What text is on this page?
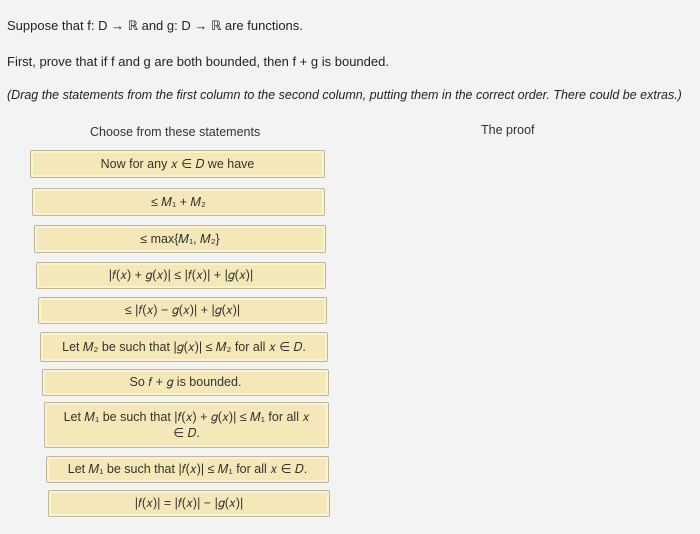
Suppose that f: D → ℝ and g: D → ℝ are functions.
First, prove that if f and g are both bounded, then f + g is bounded.
(Drag the statements from the first column to the second column, putting them in the correct order. There could be extras.)
Choose from these statements	The proof
Now for any 𝑥 ∈ 𝐷 we have
≤ 𝑀₁ + 𝑀₂
≤ max{𝑀₁, 𝑀₂}
|𝑓(𝑥) + 𝑔(𝑥)| ≤ |𝑓(𝑥)| + |𝑔(𝑥)|
≤ |𝑓(𝑥) − 𝑔(𝑥)| + |𝑔(𝑥)|
Let 𝑀₂ be such that |𝑔(𝑥)| ≤ 𝑀₂ for all 𝑥 ∈ 𝐷.
So 𝑓 + 𝑔 is bounded.
Let 𝑀₁ be such that |𝑓(𝑥) + 𝑔(𝑥)| ≤ 𝑀₁ for all 𝑥 ∈ 𝐷.
Let 𝑀₁ be such that |𝑓(𝑥)| ≤ 𝑀₁ for all 𝑥 ∈ 𝐷.
|𝑓(𝑥)| = |𝑓(𝑥)| − |𝑔(𝑥)|
